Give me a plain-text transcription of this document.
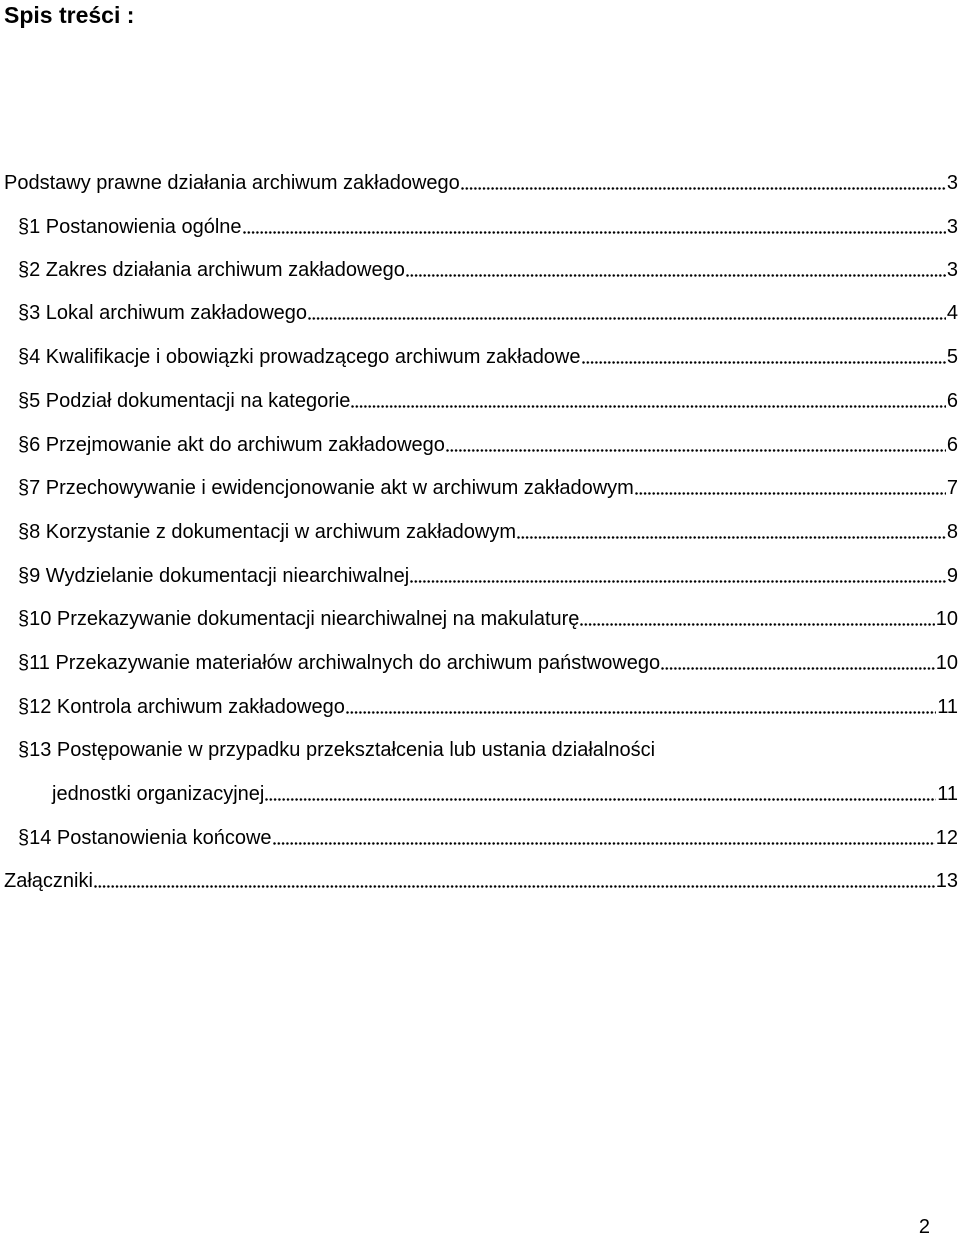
Spis treści :
Podstawy prawne działania archiwum zakładowego	3
§1 Postanowienia ogólne	3
§2 Zakres działania archiwum zakładowego	3
§3 Lokal archiwum zakładowego	4
§4 Kwalifikacje i obowiązki prowadzącego archiwum zakładowe	5
§5 Podział dokumentacji na kategorie	6
§6 Przejmowanie akt do archiwum zakładowego	6
§7 Przechowywanie i ewidencjonowanie akt w archiwum zakładowym	7
§8 Korzystanie z dokumentacji w archiwum zakładowym	8
§9 Wydzielanie dokumentacji niearchiwalnej	9
§10 Przekazywanie dokumentacji niearchiwalnej na makulaturę	10
§11 Przekazywanie materiałów archiwalnych do archiwum państwowego	10
§12 Kontrola archiwum zakładowego	11
§13 Postępowanie w przypadku przekształcenia lub ustania działalności
jednostki organizacyjnej	11
§14 Postanowienia końcowe	12
Załączniki	13
2
